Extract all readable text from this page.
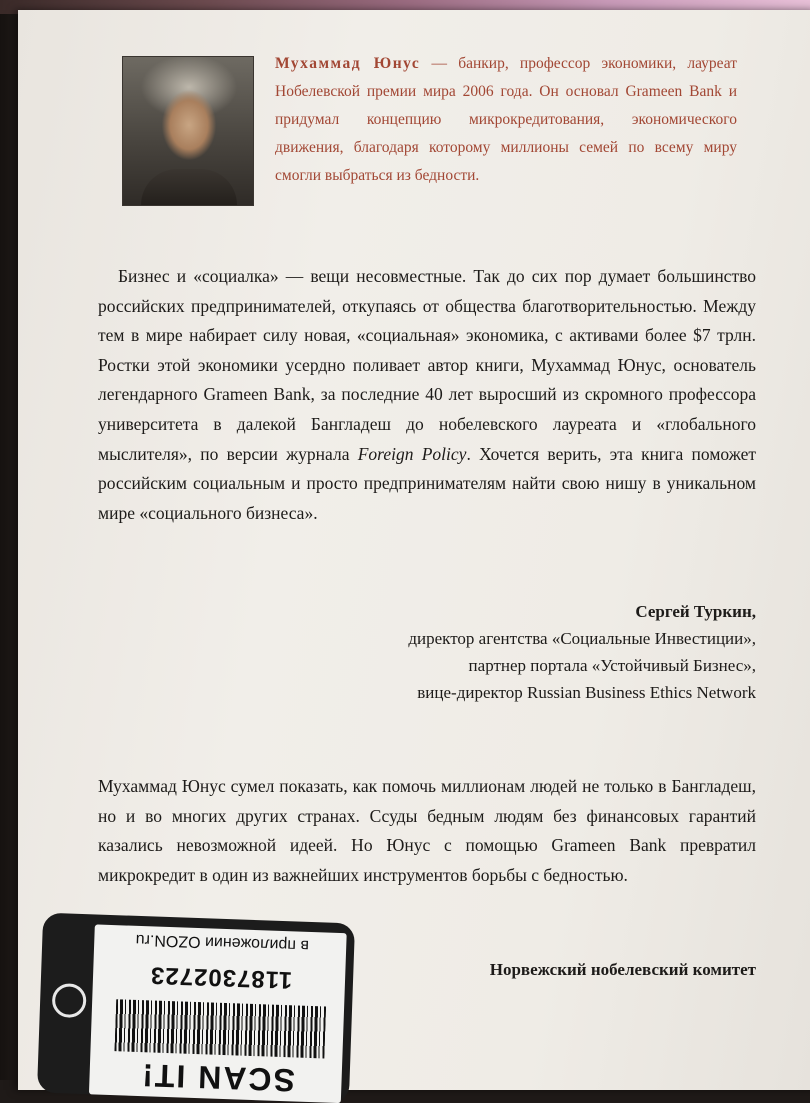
Мухаммад Юнус — банкир, профессор экономики, лауреат Нобелевской премии мира 2006 года. Он основал Grameen Bank и придумал концепцию микрокредитования, экономического движения, благодаря которому миллионы семей по всему миру смогли выбраться из бедности.

Бизнес и «социалка» — вещи несовместные. Так до сих пор думает большинство российских предпринимателей, откупаясь от общества благотворительностью. Между тем в мире набирает силу новая, «социальная» экономика, с активами более $7 трлн. Ростки этой экономики усердно поливает автор книги, Мухаммад Юнус, основатель легендарного Grameen Bank, за последние 40 лет выросший из скромного профессора университета в далекой Бангладеш до нобелевского лауреата и «глобального мыслителя», по версии журнала Foreign Policy. Хочется верить, эта книга поможет российским социальным и просто предпринимателям найти свою нишу в уникальном мире «социального бизнеса».

Сергей Туркин,
директор агентства «Социальные Инвестиции»,
партнер портала «Устойчивый Бизнес»,
вице-директор Russian Business Ethics Network

Мухаммад Юнус сумел показать, как помочь миллионам людей не только в Бангладеш, но и во многих других странах. Ссуды бедным людям без финансовых гарантий казались невозможной идеей. Но Юнус с помощью Grameen Bank превратил микрокредит в один из важнейших инструментов борьбы с бедностью.

Норвежский нобелевский комитет
в приложении OZON.ru
1187302723
SCAN IT!
